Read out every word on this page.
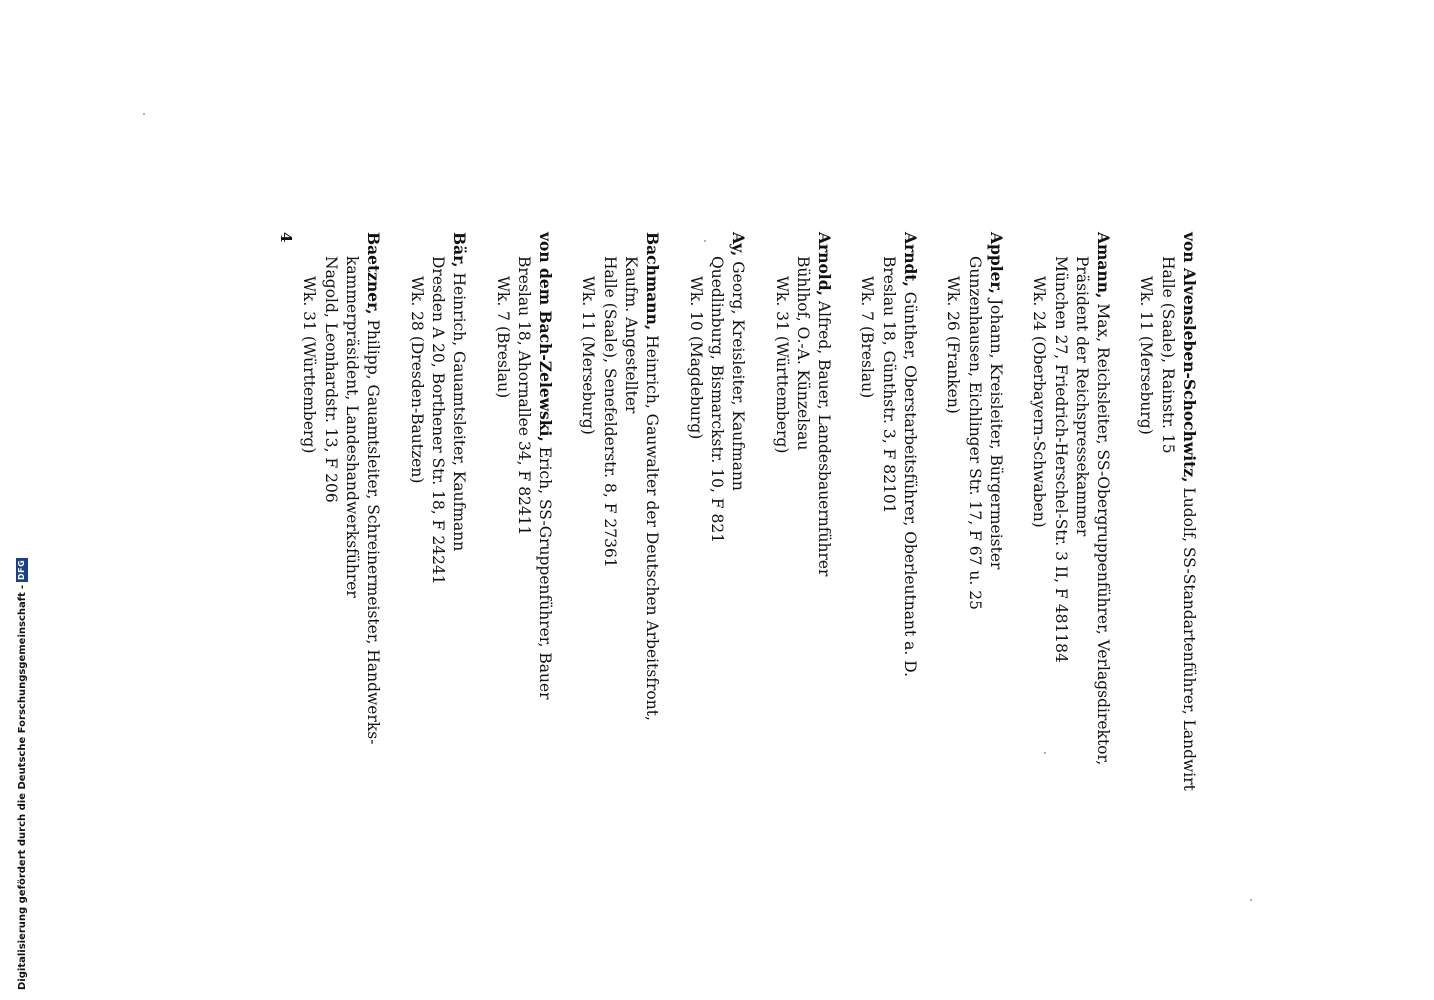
von Alvensleben-Schochwitz, Ludolf, SS-Standartenführer, Landwirt
Halle (Saale), Rainstr. 15
Wk. 11 (Merseburg)
Amann, Max, Reichsleiter, SS-Obergruppenführer, Verlagsdirektor,
Präsident der Reichspressekammer
München 27, Friedrich-Herschel-Str. 3 II, F 481184
Wk. 24 (Oberbayern-Schwaben)
Appler, Johann, Kreisleiter, Bürgermeister
Gunzenhausen, Eichlinger Str. 17, F 67 u. 25
Wk. 26 (Franken)
Arndt, Günther, Oberstarbeitsführer, Oberleutnant a. D.
Breslau 18, Günthstr. 3, F 82101
Wk. 7 (Breslau)
Arnold, Alfred, Bauer, Landesbauernführer
Bühlhof, O.-A. Künzelsau
Wk. 31 (Württemberg)
Ay, Georg, Kreisleiter, Kaufmann
Quedlinburg, Bismarckstr. 10, F 821
Wk. 10 (Magdeburg)
Bachmann, Heinrich, Gauwalter der Deutschen Arbeitsfront,
Kaufm. Angestellter
Halle (Saale), Senefelderstr. 8, F 27361
Wk. 11 (Merseburg)
von dem Bach-Zelewski, Erich, SS-Gruppenführer, Bauer
Breslau 18, Ahornallee 34, F 82411
Wk. 7 (Breslau)
Bär, Heinrich, Gauamtsleiter, Kaufmann
Dresden A 20, Borthener Str. 18, F 24241
Wk. 28 (Dresden-Bautzen)
Baetzner, Philipp, Gauamtsleiter, Schreinermeister, Handwerks-
kammerpräsident, Landeshandwerksführer
Nagold, Leonhardstr. 13, F 206
Wk. 31 (Württemberg)
4
Digitalisierung gefördert durch die Deutsche Forschungsgemeinschaft
-
DFG
